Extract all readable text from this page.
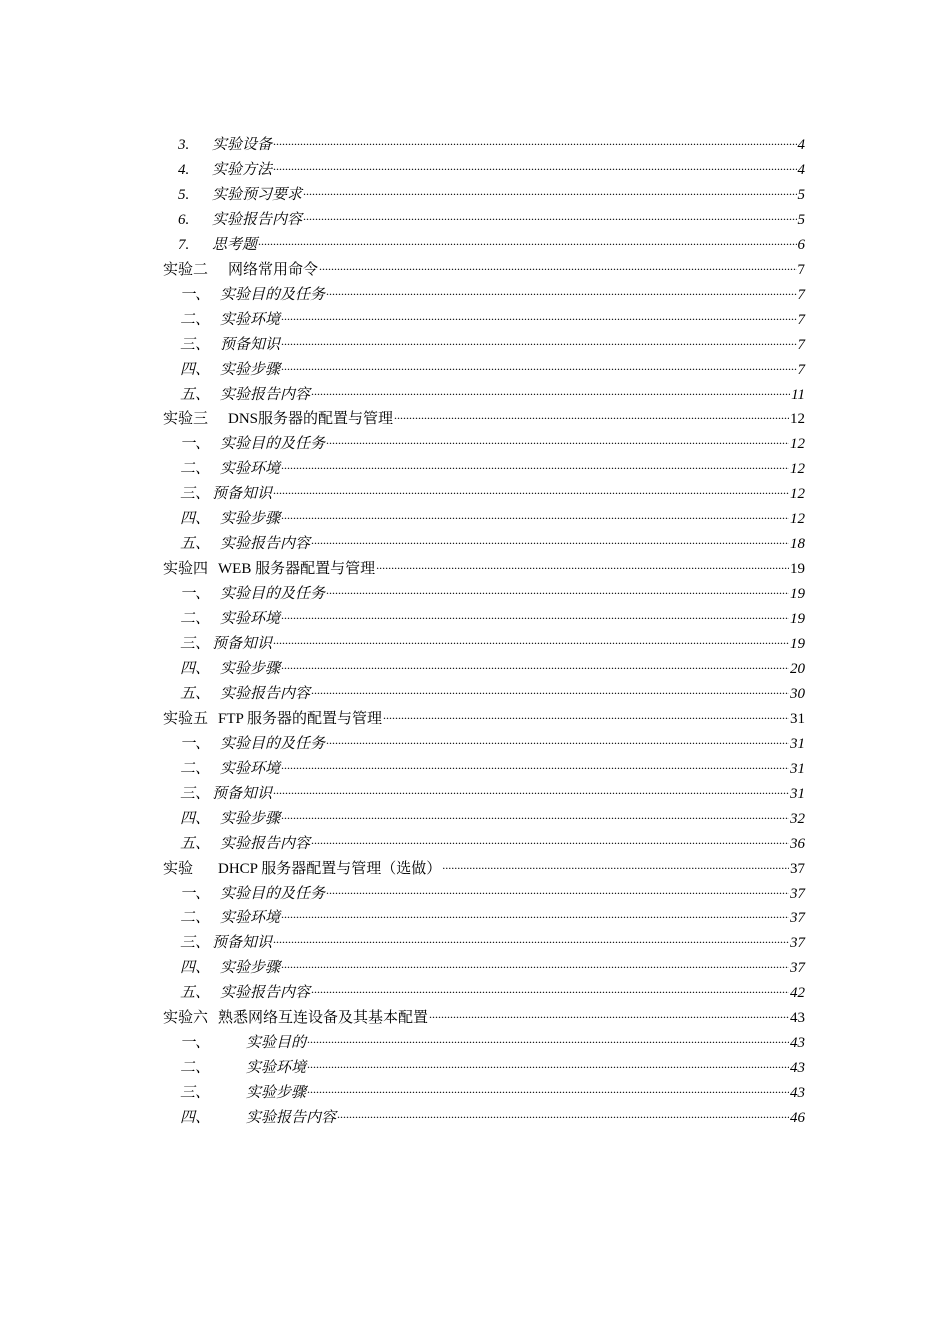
3.	实验设备 .....	4
4.	实验方法 .....	4
5.	实验预习要求 .....	5
6.	实验报告内容 .....	5
7.	思考题 .....	6
实验二	网络常用命令 .....	7
一、 实验目的及任务 .....	7
二、 实验环境 .....	7
三、 预备知识 .....	7
四、 实验步骤 .....	7
五、 实验报告内容 .....	11
实验三	DNS服务器的配置与管理 .....	12
一、 实验目的及任务 .....	12
二、 实验环境 .....	12
三、 预备知识 .....	12
四、 实验步骤 .....	12
五、 实验报告内容 .....	18
实验四 WEB 服务器配置与管理 .....	19
一、 实验目的及任务 .....	19
二、 实验环境 .....	19
三、 预备知识 .....	19
四、 实验步骤 .....	20
五、 实验报告内容 .....	30
实验五 FTP 服务器的配置与管理 .....	31
一、 实验目的及任务 .....	31
二、 实验环境 .....	31
三、 预备知识 .....	31
四、 实验步骤 .....	32
五、 实验报告内容 .....	36
实验	DHCP 服务器配置与管理（选做） .....	37
一、 实验目的及任务 .....	37
二、 实验环境 .....	37
三、 预备知识 .....	37
四、 实验步骤 .....	37
五、 实验报告内容 .....	42
实验六 熟悉网络互连设备及其基本配置 .....	43
一、	实验目的 .....	43
二、	实验环境 .....	43
三、	实验步骤 .....	43
四、	实验报告内容 .....	46
